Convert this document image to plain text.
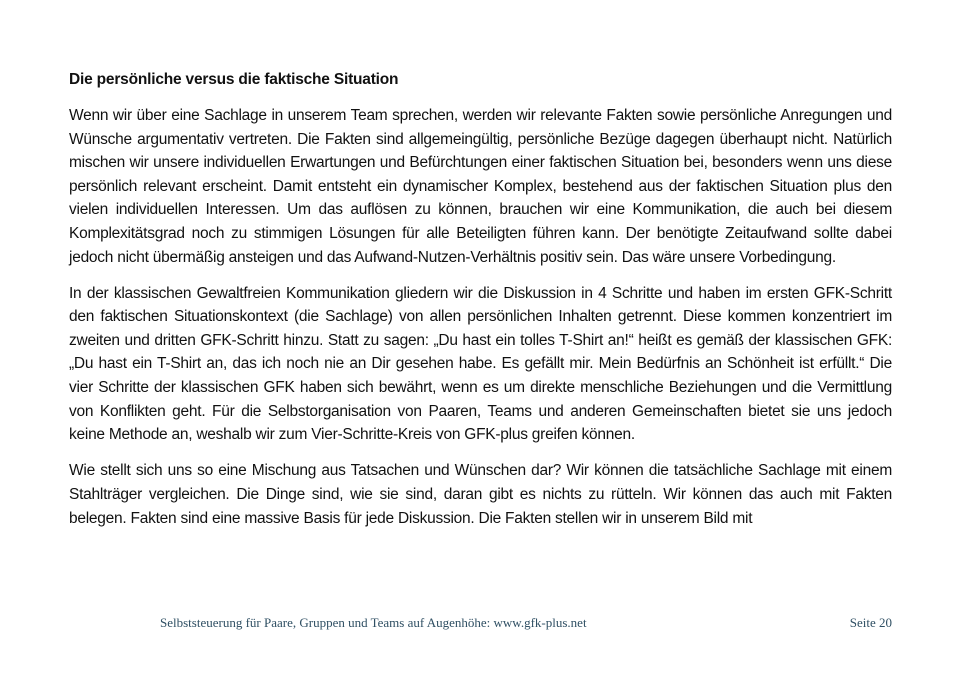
Die persönliche versus die faktische Situation

Wenn wir über eine Sachlage in unserem Team sprechen, werden wir relevante Fakten sowie persönliche Anregungen und Wünsche argumentativ vertreten. Die Fakten sind allgemeingültig, persönliche Bezüge dagegen überhaupt nicht. Natürlich mischen wir unsere individuellen Erwartungen und Befürchtungen einer faktischen Situation bei, besonders wenn uns diese persönlich relevant erscheint. Damit entsteht ein dynamischer Komplex, bestehend aus der faktischen Situation plus den vielen individuellen Interessen. Um das auflösen zu können, brauchen wir eine Kommunikation, die auch bei diesem Komplexitätsgrad noch zu stimmigen Lösungen für alle Beteiligten führen kann. Der benötigte Zeitaufwand sollte dabei jedoch nicht übermäßig ansteigen und das Aufwand-Nutzen-Verhältnis positiv sein. Das wäre unsere Vorbedingung.

In der klassischen Gewaltfreien Kommunikation gliedern wir die Diskussion in 4 Schritte und haben im ersten GFK-Schritt den faktischen Situationskontext (die Sachlage) von allen persönlichen Inhalten getrennt. Diese kommen konzentriert im zweiten und dritten GFK-Schritt hinzu. Statt zu sagen: „Du hast ein tolles T-Shirt an!“ heißt es gemäß der klassischen GFK: „Du hast ein T-Shirt an, das ich noch nie an Dir gesehen habe. Es gefällt mir. Mein Bedürfnis an Schönheit ist erfüllt.“ Die vier Schritte der klassischen GFK haben sich bewährt, wenn es um direkte menschliche Beziehungen und die Vermittlung von Konflikten geht. Für die Selbstorganisation von Paaren, Teams und anderen Gemeinschaften bietet sie uns jedoch keine Methode an, weshalb wir zum Vier-Schritte-Kreis von GFK-plus greifen können.

Wie stellt sich uns so eine Mischung aus Tatsachen und Wünschen dar? Wir können die tatsächliche Sachlage mit einem Stahlträger vergleichen. Die Dinge sind, wie sie sind, daran gibt es nichts zu rütteln. Wir können das auch mit Fakten belegen. Fakten sind eine massive Basis für jede Diskussion. Die Fakten stellen wir in unserem Bild mit

Selbststeuerung für Paare, Gruppen und Teams auf Augenhöhe: www.gfk-plus.net	Seite 20
